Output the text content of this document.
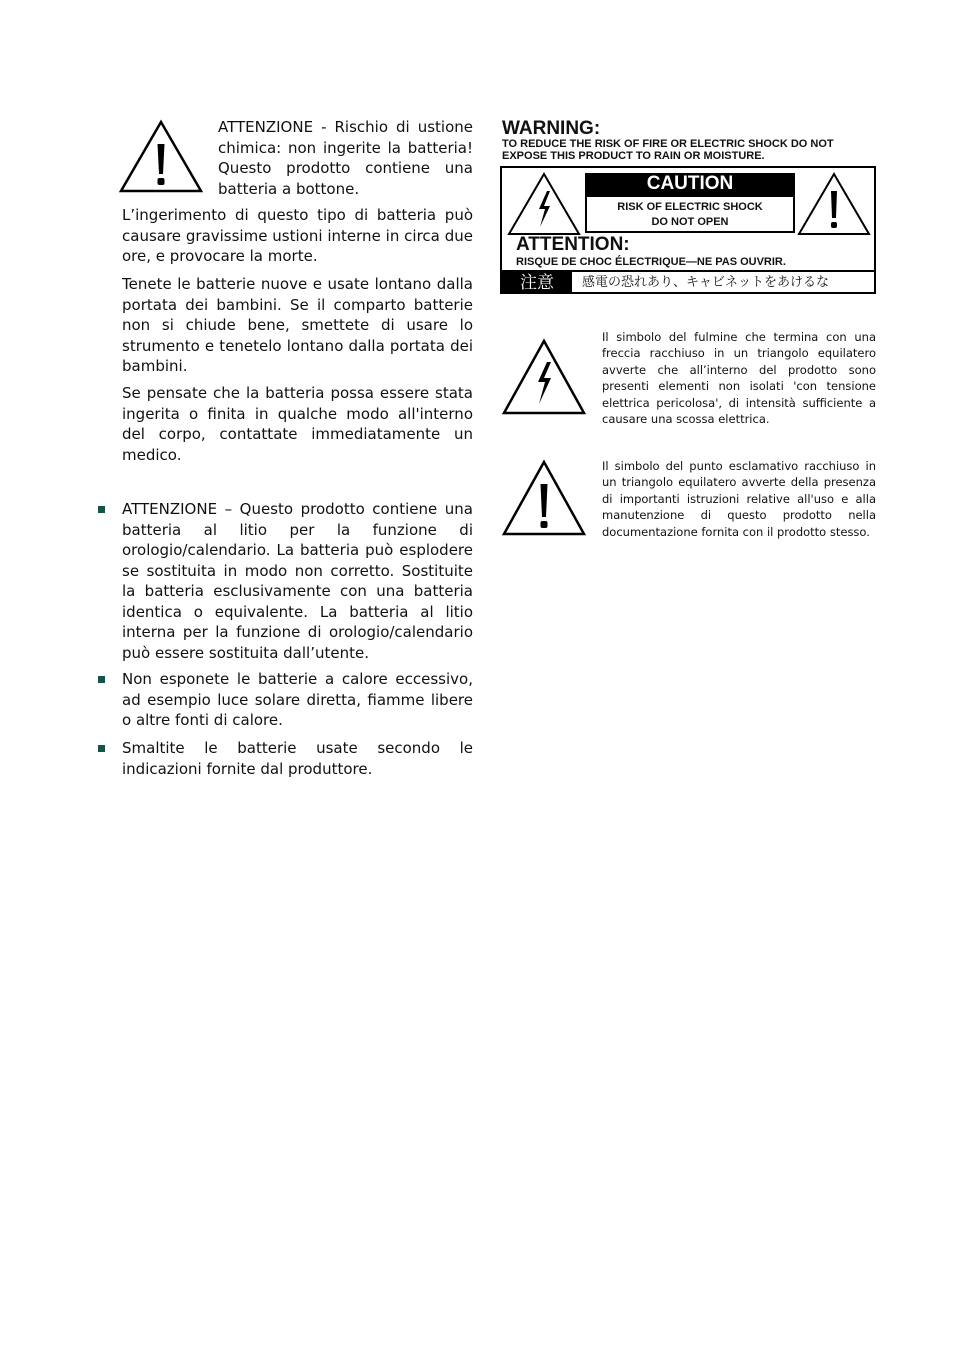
ATTENZIONE - Rischio di ustione chimica: non ingerite la batteria! Questo prodotto contiene una batteria a bottone.

L’ingerimento di questo tipo di batteria può causare gravissime ustioni interne in circa due ore, e provocare la morte.

Tenete le batterie nuove e usate lontano dalla portata dei bambini. Se il comparto batterie non si chiude bene, smettete di usare lo strumento e tenetelo lontano dalla portata dei bambini.

Se pensate che la batteria possa essere stata ingerita o finita in qualche modo all'interno del corpo, contattate immediatamente un medico.

ATTENZIONE – Questo prodotto contiene una batteria al litio per la funzione di orologio/calendario. La batteria può esplodere se sostituita in modo non corretto. Sostituite la batteria esclusivamente con una batteria identica o equivalente. La batteria al litio interna per la funzione di orologio/calendario può essere sostituita dall’utente.

Non esponete le batterie a calore eccessivo, ad esempio luce solare diretta, fiamme libere o altre fonti di calore.

Smaltite le batterie usate secondo le indicazioni fornite dal produttore.

WARNING:
TO REDUCE THE RISK OF FIRE OR ELECTRIC SHOCK DO NOT
EXPOSE THIS PRODUCT TO RAIN OR MOISTURE.
CAUTION
RISK OF ELECTRIC SHOCK
DO NOT OPEN
ATTENTION:
RISQUE DE CHOC ÉLECTRIQUE—NE PAS OUVRIR.
注意	感電の恐れあり、キャビネットをあけるな

Il simbolo del fulmine che termina con una freccia racchiuso in un triangolo equilatero avverte che all’interno del prodotto sono presenti elementi non isolati 'con tensione elettrica pericolosa', di intensità sufficiente a causare una scossa elettrica.

Il simbolo del punto esclamativo racchiuso in un triangolo equilatero avverte della presenza di importanti istruzioni relative all'uso e alla manutenzione di questo prodotto nella documentazione fornita con il prodotto stesso.
